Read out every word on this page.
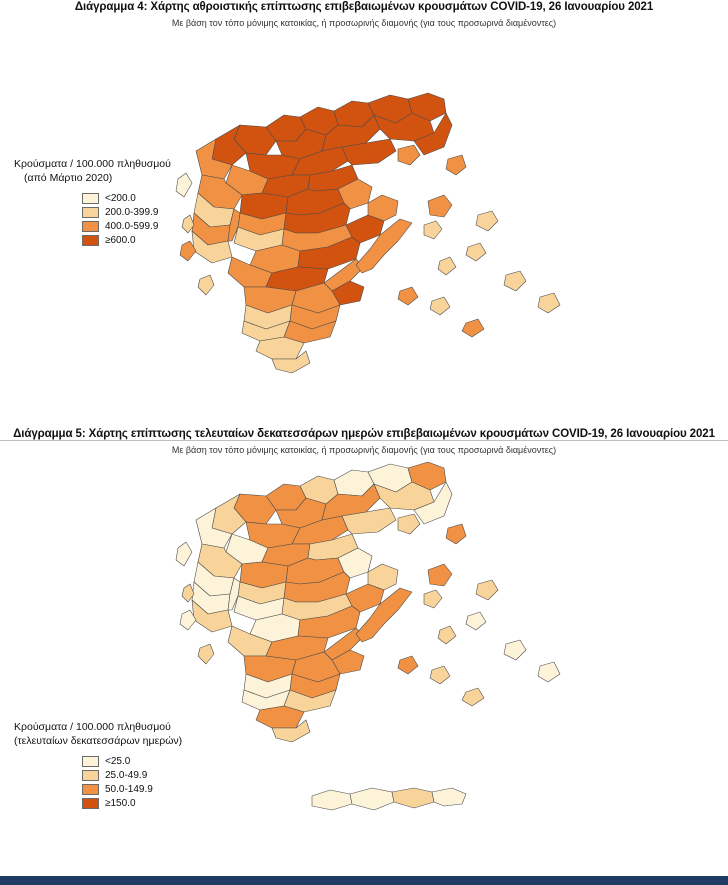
Διάγραμμα 4: Χάρτης αθροιστικής επίπτωσης επιβεβαιωμένων κρουσμάτων COVID-19, 26 Ιανουαρίου 2021
Με βάση τον τόπο μόνιμης κατοικίας, ή προσωρινής διαμονής (για τους προσωρινά διαμένοντες)
Κρούσματα / 100.000 πληθυσμού
(από Μάρτιο 2020)
<200.0
200.0-399.9
400.0-599.9
≥600.0
Διάγραμμα 5: Χάρτης επίπτωσης τελευταίων δεκατεσσάρων ημερών επιβεβαιωμένων κρουσμάτων COVID-19, 26 Ιανουαρίου 2021
Με βάση τον τόπο μόνιμης κατοικίας, ή προσωρινής διαμονής (για τους προσωρινά διαμένοντες)
Κρούσματα / 100.000 πληθυσμού
(τελευταίων δεκατεσσάρων ημερών)
<25.0
25.0-49.9
50.0-149.9
≥150.0
